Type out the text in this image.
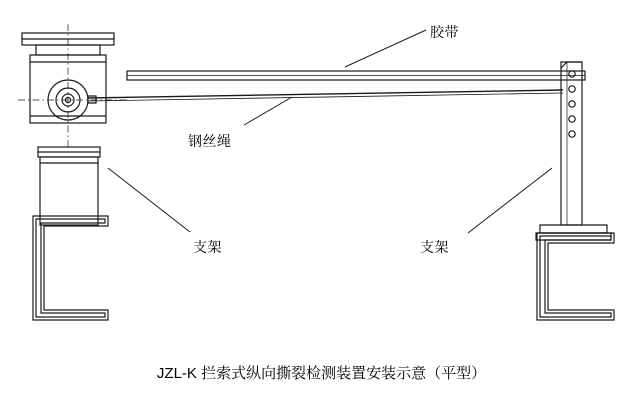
胶带
钢丝绳
支架	支架
JZL-K 拦索式纵向撕裂检测装置安装示意（平型）
